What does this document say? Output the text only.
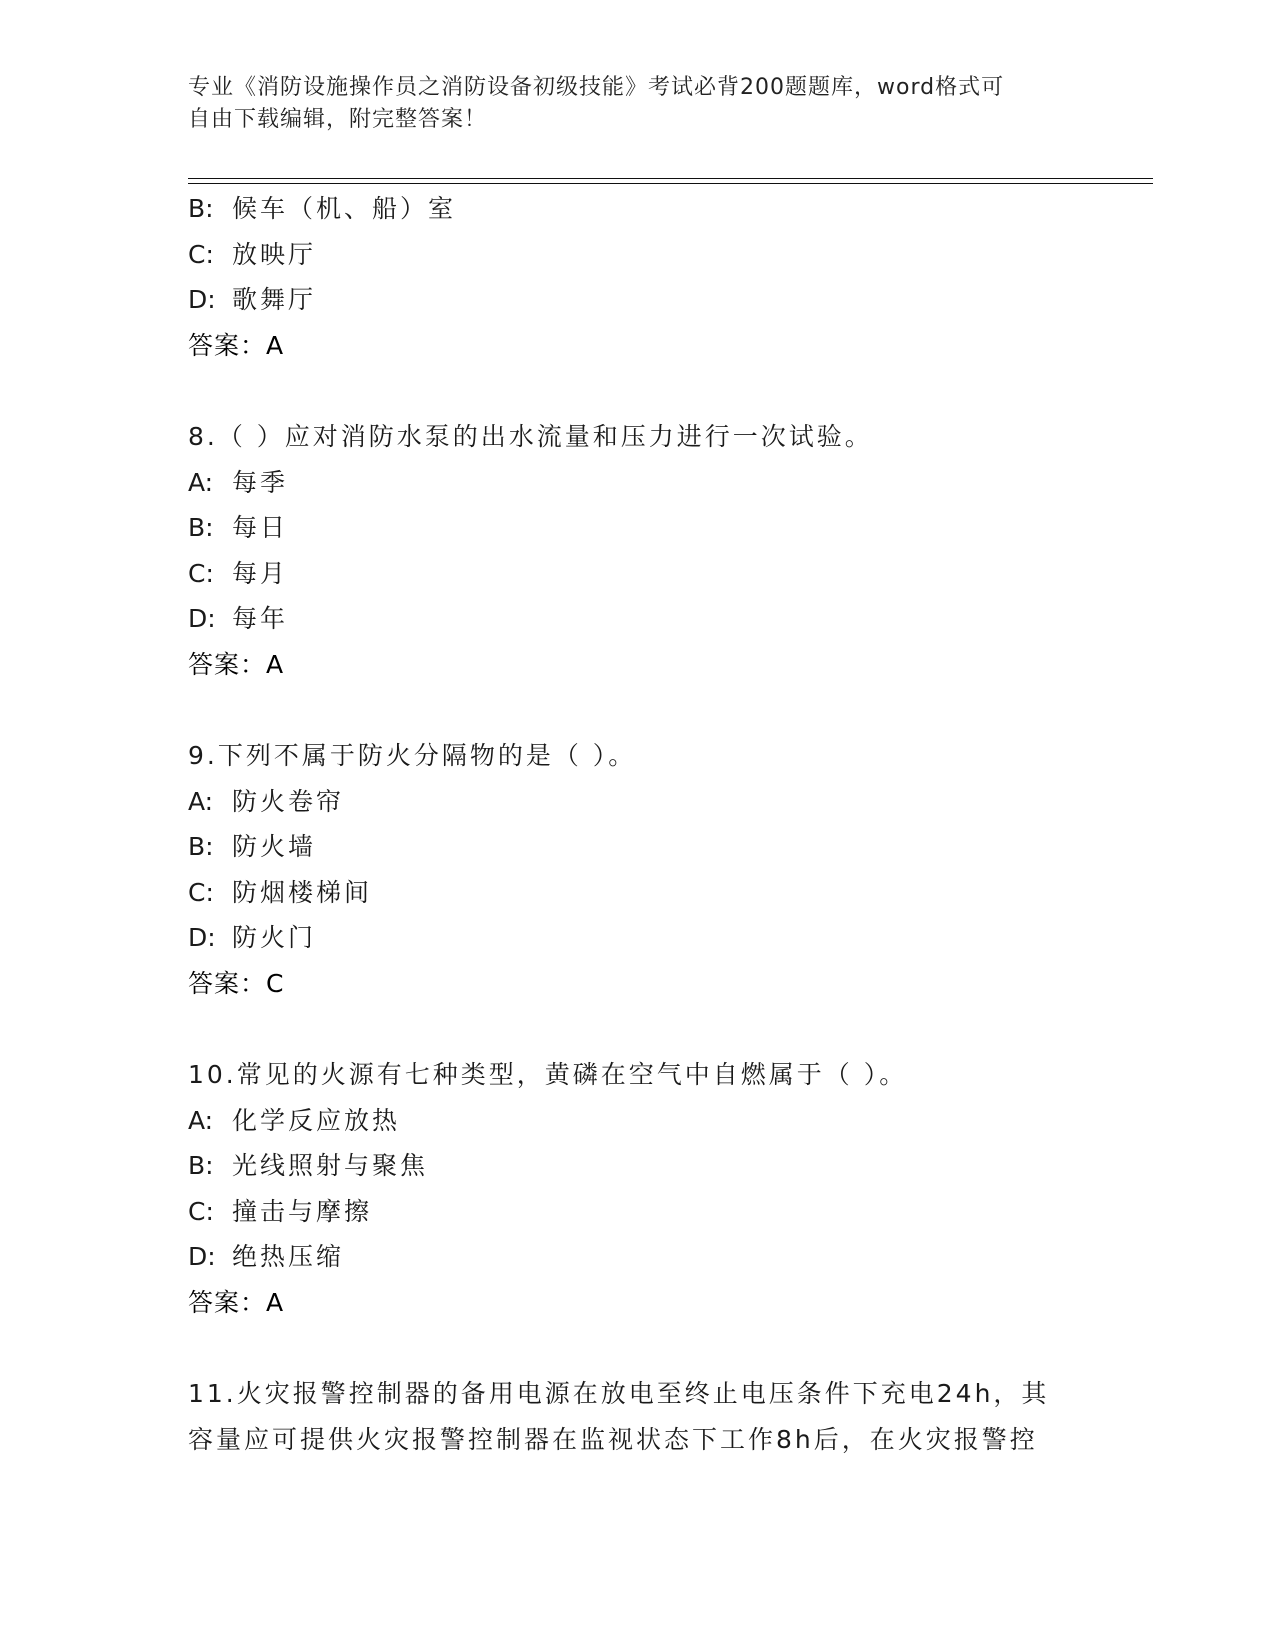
专业《消防设施操作员之消防设备初级技能》考试必背200题题库，word格式可
自由下载编辑，附完整答案！
B: 候车（机、船）室
C: 放映厅
D: 歌舞厅
答案：A
8.（ ）应对消防水泵的出水流量和压力进行一次试验。
A: 每季
B: 每日
C: 每月
D: 每年
答案：A
9.下列不属于防火分隔物的是（ ）。
A: 防火卷帘
B: 防火墙
C: 防烟楼梯间
D: 防火门
答案：C
10.常见的火源有七种类型，黄磷在空气中自燃属于（ ）。
A: 化学反应放热
B: 光线照射与聚焦
C: 撞击与摩擦
D: 绝热压缩
答案：A
11.火灾报警控制器的备用电源在放电至终止电压条件下充电24h，其
容量应可提供火灾报警控制器在监视状态下工作8h后，在火灾报警控
